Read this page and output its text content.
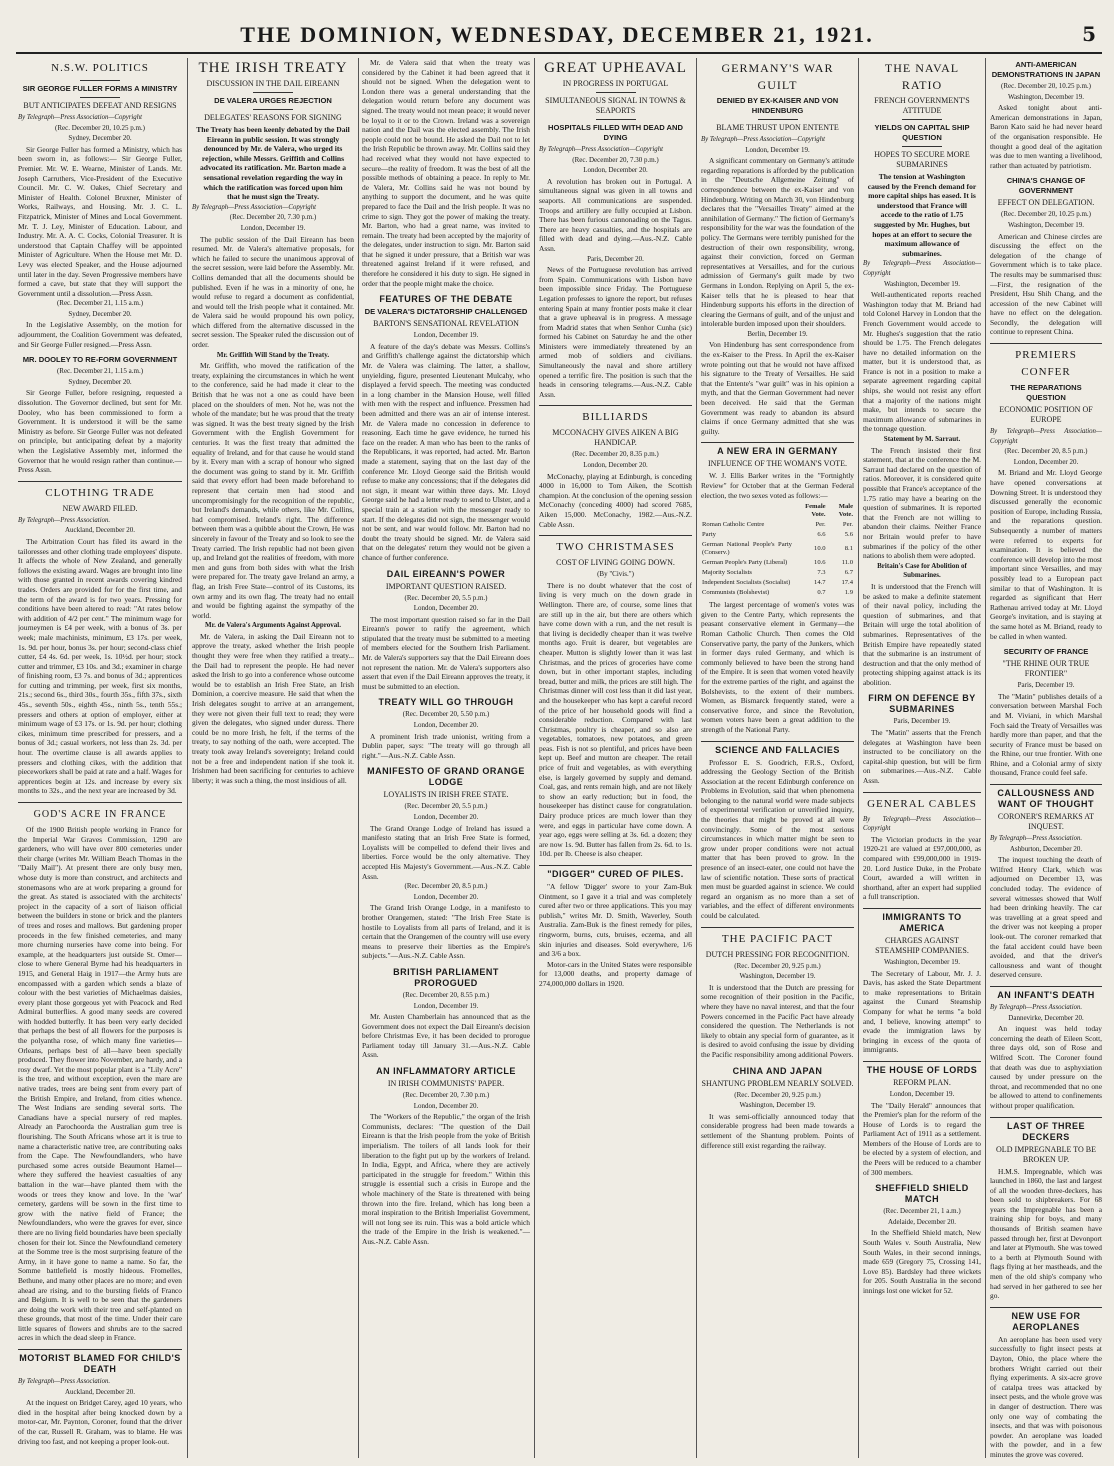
THE DOMINION, WEDNESDAY, DECEMBER 21, 1921.	5
N.S.W. POLITICS
SIR GEORGE FULLER FORMS A MINISTRY
BUT ANTICIPATES DEFEAT AND RESIGNS
By Telegraph—Press Association—Copyright
(Rec. December 20, 10.25 p.m.)
Sydney, December 20.

Sir George Fuller has formed a Ministry, which has been sworn in, as follows:— Sir George Fuller, Premier. Mr. W. E. Wearne, Minister of Lands. Mr. Joseph Carruthers, Vice-President of the Executive Council. Mr. C. W. Oakes, Chief Secretary and Minister of Health. Colonel Bruxner, Minister of Works, Railways, and Housing. Mr. J. C. L. Fitzpatrick, Minister of Mines and Local Government. Mr. T. J. Ley, Minister of Education. Labour, and Industry. Mr. A. A. C. Cocks, Colonial Treasurer. It is understood that Captain Chaffey will be appointed Minister of Agriculture. When the House met Mr. D. Levy was elected Speaker, and the House adjourned until later in the day. Seven Progressive members have formed a cave, but state that they will support the Government until a dissolution.—Press Assn.

(Rec. December 21, 1.15 a.m.)
Sydney, December 20.

In the Legislative Assembly, on the motion for adjournment, the Coalition Government was defeated, and Sir George Fuller resigned.—Press Assn.

MR. DOOLEY TO RE-FORM GOVERNMENT
(Rec. December 21, 1.15 a.m.)
Sydney, December 20.

Sir George Fuller, before resigning, requested a dissolution. The Governor declined, but sent for Mr. Dooley, who has been commissioned to form a Government. It is understood it will be the same Ministry as before. Sir George Fuller was not defeated on principle, but anticipating defeat by a majority when the Legislative Assembly met, informed the Governor that he would resign rather than continue.—Press Assn.

CLOTHING TRADE
NEW AWARD FILED.
By Telegraph—Press Association.
Auckland, December 20.

The Arbitration Court has filed its award in the tailoresses and other clothing trade employees' dispute. It affects the whole of New Zealand, and generally follows the existing award. Wages are brought into line with those granted in recent awards covering kindred trades. Orders are provided for for the first time, and the term of the award is for two years. Pressing for conditions have been altered to read: "At rates below with addition of 4/2 per cent." The minimum wage for journeymen is £4 per week, with a bonus of 3s. per week; male machinists, minimum, £3 17s. per week, 1s. 9d. per hour, bonus 3s. per hour; second-class chief cutter, £4 4s. 6d. per week, 1s. 10½d. per hour; stock cutter and trimmer, £3 10s. and 3d.; examiner in charge of finishing room, £3 7s. and bonus of 3d.; apprentices for cutting and trimming, per week, first six months, 21s.; second 6s., third 30s., fourth 35s., fifth 37s., sixth 45s., seventh 50s., eighth 45s., ninth 5s., tenth 55s.; pressers and others at option of employer, either at minimum wage of £3 17s. or 1s. 9d. per hour; clothing cikes, minimum time prescribed for pressers, and a bonus of 3d.; casual workers, not less than 2s. 3d. per hour. The overtime clause is all awards applies to pressers and clothing cikes, with the addition that pieceworkers shall be paid at rate and a half. Wages for apprentices begin at 12s. and increase by every six months to 32s., and the next year are increased by 3d.

GOD'S ACRE IN FRANCE

Of the 1900 British people working in France for the Imperial War Graves Commission, 1290 are gardeners, who will have over 800 cemeteries under their charge (writes Mr. William Beach Thomas in the "Daily Mail"). At present there are only busy men, whose duty is more than construct, and architects and stonemasons who are at work preparing a ground for the great. As stated is associated with the architects' project in the capacity of a sort of liaison official between the builders in stone or brick and the planters of trees and roses and mallows. But gardening proper proceeds in the few finished cemeteries, and many more churning nurseries have come into being. For example, at the headquarters just outside St. Omer—close to where General Byrne had his headquarters in 1915, and General Haig in 1917—the Army huts are encompassed with a garden which sends a blaze of colour with the best varieties of Michaelmas daisies, every plant those gorgeous yet with Peacock and Red Admiral butterflies. A good many seeds are covered with hodded butterfly. It has been very early decided that perhaps the best of all flowers for the purposes is the polyantha rose, of which many fine varieties—Orleans, perhaps best of all—have been specially produced. They flower into November, are hardy, and a rosy dwarf. Yet the most popular plant is a "Lily Acre" is the tree, and without exception, even the mare are native trades, trees are being sent from every part of the British Empire, and Ireland, from cities whence. The West Indians are sending several sorts. The Canadians have a special nursery of red maples. Already an Parochoorda the Australian gum tree is flourishing. The South Africans whose art it is true to name a characteristic native tree, are contributing oaks from the Cape. The Newfoundlanders, who have purchased some acres outside Beaumont Hamel—where they suffered the heaviest casualties of any battalion in the war—have planted them with the woods or trees they know and love. In the 'war' cemetery, gardens will be sown in the first time to grow with the native field of France; the Newfoundlanders, who were the graves for ever, since there are no living field boundaries have been specially chosen for their lot. Since the Newfoundland cemetery at the Somme tree is the most surprising feature of the Army, in it have gone to name a name. So far, the Somme battlefield is mostly hideous. Fromelles, Bethune, and many other places are no more; and even ahead are rising, and to the bursting fields of Franco and Belgium. It is well to be seen that the gardeners are doing the work with their tree and self-planted on these grounds, that most of the time. Under their care little squares of flowers and shrubs are to the sacred acres in which the dead sleep in France.

MOTORIST BLAMED FOR CHILD'S DEATH
By Telegraph—Press Association.
Auckland, December 20.

At the inquest on Bridget Carey, aged 10 years, who died in the hospital after being knocked down by a motor-car, Mr. Paynton, Coroner, found that the driver of the car, Russell R. Graham, was to blame. He was driving too fast, and not keeping a proper look-out.

THE IRISH TREATY
DISCUSSION IN THE DAIL EIREANN
DE VALERA URGES REJECTION
DELEGATES' REASONS FOR SIGNING
The Treaty has been keenly debated by the Dail Eireann in public session. It was strongly denounced by Mr. de Valera, who urged its rejection, while Messrs. Griffith and Collins advocated its ratification. Mr. Barton made a sensational revelation regarding the way in which the ratification was forced upon him that he must sign the Treaty.
By Telegraph—Press Association—Copyright
(Rec. December 20, 7.30 p.m.)
London, December 19.

The public session of the Dail Eireann has been resumed. Mr. de Valera's alternative proposals, for which he failed to secure the unanimous approval of the secret session, were laid before the Assembly. Mr. Collins demanded that all the documents should be published. Even if he was in a minority of one, he would refuse to regard a document as confidential, and would tell the Irish people what it contained. Mr. de Valera said he would propound his own policy, which differed from the alternative discussed in the secret session. The Speaker ruled the discussion out of order.

Mr. Griffith Will Stand by the Treaty.

Mr. Griffith, who moved the ratification of the treaty, explaining the circumstances in which he went to the conference, said he had made it clear to the British that he was not a one as could have been placed on the shoulders of men. Not he, was not the whole of the mandate; but he was proud that the treaty was signed. It was the best treaty signed by the Irish Government with the English Government for centuries. It was the first treaty that admitted the equality of Ireland, and for that cause he would stand by it. Every man with a scrap of honour who signed the document was going to stand by it. Mr. Griffith said that every effort had been made beforehand to represent that certain men had stood and uncompromisingly for the recognition of the republic, but Ireland's demands, while others, like Mr. Collins, had compromised. Ireland's right. The difference between them was a quibble about the Crown, He was sincerely in favour of the Treaty and so look to see the Treaty carried. The Irish republic had not been given up, and Ireland got the realities of freedom, with more men and guns from both sides with what the Irish were prepared for. The treaty gave Ireland an army, a flag, an Irish Free State—control of its Customs, its own army and its own flag. The treaty had no entail and would be fighting against the sympathy of the world.

Mr. de Valera's Arguments Against Approval.

Mr. de Valera, in asking the Dail Eireann not to approve the treaty, asked whether the Irish people thought they were free when they ratified a treaty... the Dail had to represent the people. He had never asked the Irish to go into a conference whose outcome would be to establish an Irish Free State, an Irish Dominion, a coercive measure. He said that when the Irish delegates sought to arrive at an arrangement, they were not given their full text to read; they were given the delegates, who signed under duress. There could be no more Irish, he felt, if the terms of the treaty, to say nothing of the oath, were accepted. The treaty took away Ireland's sovereignty; Ireland could not be a free and independent nation if she took it. Irishmen had been sacrificing for centuries to achieve liberty; it was such a thing, the most insidious of all.

Mr. de Valera said that when the treaty was considered by the Cabinet it had been agreed that it should not be signed. When the delegation went to London there was a general understanding that the delegation would return before any document was signed. The treaty would not mean peace; it would never be loyal to it or to the Crown. Ireland was a sovereign nation and the Dail was the elected assembly. The Irish people could not be bound. He asked the Dail not to let the Irish Republic be thrown away. Mr. Collins said they had received what they would not have expected to secure—the reality of freedom. It was the best of all the possible methods of obtaining a peace. In reply to Mr. de Valera, Mr. Collins said he was not bound by anything to support the document, and he was quite prepared to face the Dail and the Irish people. It was no crime to sign. They got the power of making the treaty. Mr. Barton, who had a great name, was invited to remain. The treaty had been accepted by the majority of the delegates, under instruction to sign. Mr. Barton said that he signed it under pressure, that a British war was threatened against Ireland if it were refused, and therefore he considered it his duty to sign. He signed in order that the people might make the choice.

FEATURES OF THE DEBATE
DE VALERA'S DICTATORSHIP CHALLENGED
BARTON'S SENSATIONAL REVELATION
London, December 19.

A feature of the day's debate was Messrs. Collins's and Griffith's challenge against the dictatorship which Mr. de Valera was claiming. The latter, a shallow, unyielding, figure, presented Lieutenant Mulcahy, who displayed a fervid speech. The meeting was conducted in a long chamber in the Mansion House, well filled with men with the respect and influence. Pressmen had been admitted and there was an air of intense interest. Mr. de Valera made no concession in deference to reasoning. Each time he gave evidence, he turned his face on the reader. A man who has been to the ranks of the Republicans, it was reported, had acted. Mr. Barton made a statement, saying that on the last day of the conference Mr. Lloyd George said the British would refuse to make any concessions; that if the delegates did not sign, it meant war within three days. Mr. Lloyd George said he had a letter ready to send to Ulster, and a special train at a station with the messenger ready to start. If the delegates did not sign, the messenger would not be sent, and war would follow. Mr. Barton had no doubt the treaty should be signed. Mr. de Valera said that on the delegates' return they would not be given a chance of further conference.

DAIL EIREANN'S POWER
IMPORTANT QUESTION RAISED.
(Rec. December 20, 5.5 p.m.)
London, December 20.

The most important question raised so far in the Dail Eireann's power to ratify the agreement, which stipulated that the treaty must be submitted to a meeting of members elected for the Southern Irish Parliament. Mr. de Valera's supporters say that the Dail Eireann does not represent the nation. Mr. de Valera's supporters also assert that even if the Dail Eireann approves the treaty, it must be submitted to an election.

TREATY WILL GO THROUGH
(Rec. December 20, 5.50 p.m.)
London, December 20.

A prominent Irish trade unionist, writing from a Dublin paper, says: "The treaty will go through all right."—Aus.-N.Z. Cable Assn.

MANIFESTO OF GRAND ORANGE LODGE
LOYALISTS IN IRISH FREE STATE.
(Rec. December 20, 5.5 p.m.)
London, December 20.

The Grand Orange Lodge of Ireland has issued a manifesto stating that an Irish Free State is formed, Loyalists will be compelled to defend their lives and liberties. Force would be the only alternative. They accepted His Majesty's Government.—Aus.-N.Z. Cable Assn.

(Rec. December 20, 8.5 p.m.)
London, December 20.

The Grand Irish Orange Lodge, in a manifesto to brother Orangemen, stated: "The Irish Free State is hostile to Loyalists from all parts of Ireland, and it is certain that the Orangemen of the country will use every means to preserve their liberties as the Empire's subjects."—Aus.-N.Z. Cable Assn.

BRITISH PARLIAMENT PROROGUED
(Rec. December 20, 8.55 p.m.)
London, December 19.

Mr. Austen Chamberlain has announced that as the Government does not expect the Dail Eireann's decision before Christmas Eve, it has been decided to prorogue Parliament today till January 31.—Aus.-N.Z. Cable Assn.

AN INFLAMMATORY ARTICLE
IN IRISH COMMUNISTS' PAPER.
(Rec. December 20, 7.30 p.m.)
London, December 20.

The "Workers of the Republic," the organ of the Irish Communists, declares: "The question of the Dail Eireann is that the Irish people from the yoke of British imperialism. The toilers of all lands look for their liberation to the fight put up by the workers of Ireland. In India, Egypt, and Africa, where they are actively participated in the struggle for freedom." Within this struggle is essential such a crisis in Europe and the whole machinery of the State is threatened with being thrown into the fire. Ireland, which has long been a moral inspiration to the British Imperialist Government, will not long see its ruin. This was a bold article which the trade of the Empire in the Irish is weakened."—Aus.-N.Z. Cable Assn.

GREAT UPHEAVAL
IN PROGRESS IN PORTUGAL
SIMULTANEOUS SIGNAL IN TOWNS & SEAPORTS
HOSPITALS FILLED WITH DEAD AND DYING
By Telegraph—Press Association—Copyright
(Rec. December 20, 7.30 p.m.)
London, December 20.

A revolution has broken out in Portugal. A simultaneous signal was given in all towns and seaports. All communications are suspended. Troops and artillery are fully occupied at Lisbon. There has been furious cannonading on the Tagus. There are heavy casualties, and the hospitals are filled with dead and dying.—Aus.-N.Z. Cable Assn.

Paris, December 20.

News of the Portuguese revolution has arrived from Spain. Communications with Lisbon have been impossible since Friday. The Portuguese Legation professes to ignore the report, but refuses entering Spain at many frontier posts make it clear that a grave upheaval is in progress. A message from Madrid states that when Senhor Cunha (sic) formed his Cabinet on Saturday he and the other Ministers were immediately threatened by an armed mob of soldiers and civilians. Simultaneously the naval and shore artillery opened a terrific fire. The position is such that the heads in censoring telegrams.—Aus.-N.Z. Cable Assn.

BILLIARDS
MCCONACHY GIVES AIKEN A BIG HANDICAP.
(Rec. December 20, 8.35 p.m.)
London, December 20.

McConachy, playing at Edinburgh, is conceding 4000 in 16,000 to Tom Aiken, the Scottish champion. At the conclusion of the opening session McConachy (conceding 4000) had scored 7685, Aiken 15,000. McConachy, 1982.—Aus.-N.Z. Cable Assn.

TWO CHRISTMASES
COST OF LIVING GOING DOWN.
(By "Civis.")

There is no doubt whatever that the cost of living is very much on the down grade in Wellington. There are, of course, some lines that are still up in the air, but there are others which have come down with a run, and the net result is that living is decidedly cheaper than it was twelve months ago. Fruit is dearer, but vegetables are cheaper. Mutton is slightly lower than it was last Christmas, and the prices of groceries have come down, but in other important staples, including bread, butter and milk, the prices are still high. The Christmas dinner will cost less than it did last year, and the housekeeper who has kept a careful record of the price of her household goods will find a considerable reduction. Compared with last Christmas, poultry is cheaper, and so also are vegetables, tomatoes, new potatoes, and green peas. Fish is not so plentiful, and prices have been kept up. Beef and mutton are cheaper. The retail price of fruit and vegetables, as with everything else, is largely governed by supply and demand. Coal, gas, and rents remain high, and are not likely to show an early reduction; but in food, the housekeeper has distinct cause for congratulation. Dairy produce prices are much lower than they were, and eggs in particular have come down. A year ago, eggs were selling at 3s. 6d. a dozen; they are now 1s. 9d. Butter has fallen from 2s. 6d. to 1s. 10d. per lb. Cheese is also cheaper.

"DIGGER" CURED OF PILES.

"A fellow 'Digger' swore to your Zam-Buk Ointment, so I gave it a trial and was completely cured after two or three applications. This you may publish," writes Mr. D. Smith, Waverley, South Australia. Zam-Buk is the finest remedy for piles, ringworm, burns, cuts, bruises, eczema, and all skin injuries and diseases. Sold everywhere, 1/6 and 3/6 a box.

Motor-cars in the United States were responsible for 13,000 deaths, and property damage of 274,000,000 dollars in 1920.

GERMANY'S WAR GUILT
DENIED BY EX-KAISER AND VON HINDENBURG
BLAME THRUST UPON ENTENTE
By Telegraph—Press Association—Copyright
London, December 19.

A significant commentary on Germany's attitude regarding reparations is afforded by the publication in the "Deutsche Allgemeine Zeitung" of correspondence between the ex-Kaiser and von Hindenburg. Writing on March 30, von Hindenburg declares that the "Versailles Treaty" aimed at the annihilation of Germany." The fiction of Germany's responsibility for the war was the foundation of the policy. The Germans were terribly punished for the destruction of their own responsibility, wrong, against their conviction, forced on German representatives at Versailles, and for the curious admission of Germany's guilt made by two Germans in London. Replying on April 5, the ex-Kaiser tells that he is pleased to hear that Hindenburg supports his efforts in the direction of clearing the Germans of guilt, and of the unjust and intolerable burden imposed upon their shoulders.

Berlin, December 19.

Von Hindenburg has sent correspondence from the ex-Kaiser to the Press. In April the ex-Kaiser wrote pointing out that he would not have affixed his signature to the Treaty of Versailles. He said that the Entente's "war guilt" was in his opinion a myth, and that the German Government had never been deceived. He said that the German Government was ready to abandon its absurd claims if once Germany admitted that she was guilty.

A NEW ERA IN GERMANY
INFLUENCE OF THE WOMAN'S VOTE.

W. J. Ellis Barker writes in the "Fortnightly Review" for October that at the German Federal election, the two sexes voted as follows:—

	Female Vote.	Male Vote.
Roman Catholic Centre	Per.	Per.
Party	6.6	5.6
German National People's Party (Conserv.)	10.0	8.1
German People's Party (Liberal)	10.6	11.0
Majority Socialists	7.3	6.7
Independent Socialists (Socialist)	14.7	17.4
Communists (Bolshevist)	0.7	1.9

The largest percentage of women's votes was given to the Centre Party, which represents the peasant conservative element in Germany—the Roman Catholic Church. Then comes the Old Conservative party, the party of the Junkers, which in former days ruled Germany, and which is commonly believed to have been the strong hand of the Empire. It is seen that women voted heavily for the extreme parties of the right, and against the Bolshevists, to the extent of their numbers. Women, as Bismarck frequently stated, were a conservative force, and since the Revolution, women voters have been a great addition to the strength of the National Party.

SCIENCE AND FALLACIES

Professor E. S. Goodrich, F.R.S., Oxford, addressing the Geology Section of the British Association at the recent Edinburgh conference on Problems in Evolution, said that when phenomena belonging to the natural world were made subjects of experimental verification or unverified inquiry, the theories that might be proved at all were convincingly. Some of the most serious circumstances in which matter might be seen to grow under proper conditions were not actual matter that has been proved to grow. In the presence of an insect-eater, one could not have the law of scientific notation. These sorts of practical men must be guarded against in science. We could regard an organism as no more than a set of variables, and the effect of different environments could be calculated.

THE PACIFIC PACT
DUTCH PRESSING FOR RECOGNITION.
(Rec. December 20, 9.25 p.m.)
Washington, December 19.

It is understood that the Dutch are pressing for some recognition of their position in the Pacific, where they have no naval interest, and that the four Powers concerned in the Pacific Pact have already considered the question. The Netherlands is not likely to obtain any special form of guarantee, as it is desired to avoid confusing the issue by dividing the Pacific responsibility among additional Powers.

CHINA AND JAPAN
SHANTUNG PROBLEM NEARLY SOLVED.
(Rec. December 20, 9.25 p.m.)
Washington, December 19.

It was semi-officially announced today that considerable progress had been made towards a settlement of the Shantung problem. Points of difference still exist regarding the railway.

THE NAVAL RATIO
FRENCH GOVERNMENT'S ATTITUDE
YIELDS ON CAPITAL SHIP QUESTION
HOPES TO SECURE MORE SUBMARINES
The tension at Washington caused by the French demand for more capital ships has eased. It is understood that France will accede to the ratio of 1.75 suggested by Mr. Hughes, but hopes at an effort to secure the maximum allowance of submarines.
By Telegraph—Press Association—Copyright
Washington, December 19.

Well-authenticated reports reached Washington today that M. Briand had told Colonel Harvey in London that the French Government would accede to Mr. Hughes's suggestion that the ratio should be 1.75. The French delegates have no detailed information on the matter, but it is understood that, as France is not in a position to make a separate agreement regarding capital ships, she would not resist any effort that a majority of the nations might make, but intends to secure the maximum allowance of submarines in the tonnage question.

Statement by M. Sarraut.

The French insisted their first statement, that at the conference the M. Sarraut had declared on the question of ratios. Moreover, it is considered quite possible that France's acceptance of the 1.75 ratio may have a bearing on the question of submarines. It is reported that the French are not willing to abandon their claims. Neither France nor Britain would prefer to have submarines if the policy of the other nations to abolish them were adopted.

Britain's Case for Abolition of Submarines.

It is understood that the French will be asked to make a definite statement of their naval policy, including the question of submarines, and that Britain will urge the total abolition of submarines. Representatives of the British Empire have repeatedly stated that the submarine is an instrument of destruction and that the only method of protecting shipping against attack is its abolition.

FIRM ON DEFENCE BY SUBMARINES
Paris, December 19.

The "Matin" asserts that the French delegates at Washington have been instructed to be conciliatory on the capital-ship question, but will be firm on submarines.—Aus.-N.Z. Cable Assn.

GENERAL CABLES
By Telegraph—Press Association—Copyright

The Victorian products in the year 1920-21 are valued at £97,000,000, as compared with £99,000,000 in 1919-20. Lord Justice Duke, in the Probate Court, awarded a will written in shorthand, after an expert had supplied a full transcription.

IMMIGRANTS TO AMERICA
CHARGES AGAINST STEAMSHIP COMPANIES.
Washington, December 19.

The Secretary of Labour, Mr. J. J. Davis, has asked the State Department to make representations to Britain against the Cunard Steamship Company for what he terms "a bold and, I believe, knowing attempt" to evade the immigration laws by bringing in excess of the quota of immigrants.

THE HOUSE OF LORDS
REFORM PLAN.
London, December 19.

The "Daily Herald" announces that the Premier's plan for the reform of the House of Lords is to regard the Parliament Act of 1911 as a settlement. Members of the House of Lords are to be elected by a system of election, and the Peers will be reduced to a chamber of 300 members.

SHEFFIELD SHIELD MATCH
(Rec. December 21, 1 a.m.)
Adelaide, December 20.

In the Sheffield Shield match, New South Wales v. South Australia, New South Wales, in their second innings, made 659 (Gregory 75, Crossing 141, Love 85). Bardsley had three wickets for 205. South Australia in the second innings lost one wicket for 52.

ANTI-AMERICAN DEMONSTRATIONS IN JAPAN
(Rec. December 20, 10.25 p.m.)
Washington, December 19.

Asked tonight about anti-American demonstrations in Japan, Baron Kato said he had never heard of the organisation responsible. He thought a good deal of the agitation was due to men wanting a livelihood, rather than actuated by patriotism.

CHINA'S CHANGE OF GOVERNMENT
EFFECT ON DELEGATION.
(Rec. December 20, 10.25 p.m.)
Washington, December 19.

American and Chinese circles are discussing the effect on the delegation of the change of Government which is to take place. The results may be summarised thus:—First, the resignation of the President, Hsu Shih Chang, and the accession of the new Cabinet will have no effect on the delegation. Secondly, the delegation will continue to represent China.

PREMIERS CONFER
THE REPARATIONS QUESTION
ECONOMIC POSITION OF EUROPE
By Telegraph—Press Association—Copyright
(Rec. December 20, 8.5 p.m.)
London, December 20.

M. Briand and Mr. Lloyd George have opened conversations at Downing Street. It is understood they discussed generally the economic position of Europe, including Russia, and the reparations question. Subsequently a number of matters were referred to experts for examination. It is believed the conference will develop into the most important since Versailles, and may possibly lead to a European pact similar to that of Washington. It is regarded as significant that Herr Rathenau arrived today at Mr. Lloyd George's invitation, and is staying at the same hotel as M. Briand, ready to be called in when wanted.

SECURITY OF FRANCE
"THE RHINE OUR TRUE FRONTIER"
Paris, December 19.

The "Matin" publishes details of a conversation between Marshal Foch and M. Viviani, in which Marshal Foch said the Treaty of Versailles was hardly more than paper, and that the security of France must be based on the Rhine, our true frontier. With one Rhine, and a Colonial army of sixty thousand, France could feel safe.

CALLOUSNESS AND WANT OF THOUGHT
CORONER'S REMARKS AT INQUEST.
By Telegraph—Press Association.
Ashburton, December 20.

The inquest touching the death of Wilfred Henry Clark, which was adjourned on December 13, was concluded today. The evidence of several witnesses showed that Wolf had been drinking heavily. The car was travelling at a great speed and the driver was not keeping a proper look-out. The coroner remarked that the fatal accident could have been avoided, and that the driver's callousness and want of thought deserved censure.

AN INFANT'S DEATH
By Telegraph—Press Association.
Dannevirke, December 20.

An inquest was held today concerning the death of Eileen Scott, three days old, son of Rose and Wilfred Scott. The Coroner found that death was due to asphyxiation caused by under pressure on the throat, and recommended that no one be allowed to attend to confinements without proper qualification.

LAST OF THREE DECKERS
OLD IMPREGNABLE TO BE BROKEN UP.

H.M.S. Impregnable, which was launched in 1860, the last and largest of all the wooden three-deckers, has been sold to shipbreakers. For 68 years the Impregnable has been a training ship for boys, and many thousands of British seamen have passed through her, first at Devonport and later at Plymouth. She was towed to a berth at Plymouth Sound with flags flying at her mastheads, and the men of the old ship's company who had served in her gathered to see her go.

NEW USE FOR AEROPLANES

An aeroplane has been used very successfully to fight insect pests at Dayton, Ohio, the place where the brothers Wright carried out their flying experiments. A six-acre grove of catalpa trees was attacked by insect pests, and the whole grove was in danger of destruction. There was only one way of combating the insects, and that was with poisonous powder. An aeroplane was loaded with the powder, and in a few minutes the grove was covered.
